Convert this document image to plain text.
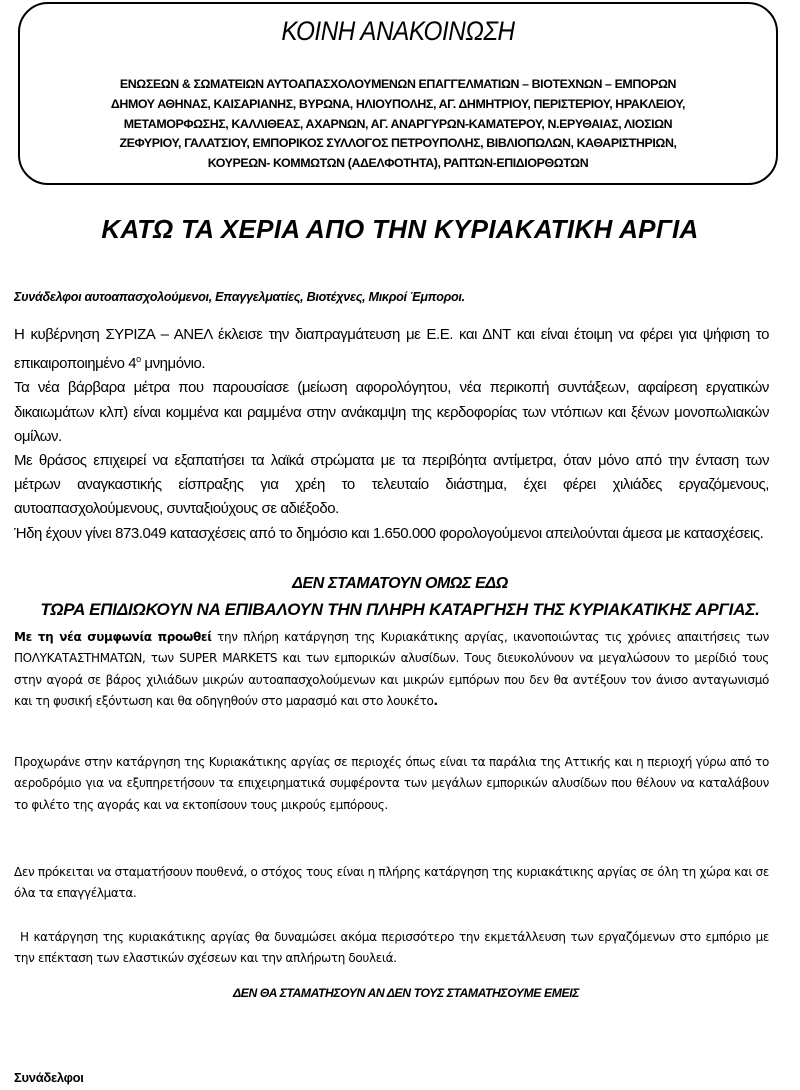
ΚΟΙΝΗ ΑΝΑΚΟΙΝΩΣΗ
ΕΝΩΣΕΩΝ & ΣΩΜΑΤΕΙΩΝ ΑΥΤΟΑΠΑΣΧΟΛΟΥΜΕΝΩΝ ΕΠΑΓΓΕΛΜΑΤΙΩΝ – ΒΙΟΤΕΧΝΩΝ – ΕΜΠΟΡΩΝ
ΔΗΜΟΥ ΑΘΗΝΑΣ, ΚΑΙΣΑΡΙΑΝΗΣ, ΒΥΡΩΝΑ, ΗΛΙΟΥΠΟΛΗΣ, ΑΓ. ΔΗΜΗΤΡΙΟΥ, ΠΕΡΙΣΤΕΡΙΟΥ, ΗΡΑΚΛΕΙΟΥ,
ΜΕΤΑΜΟΡΦΩΣΗΣ, ΚΑΛΛΙΘΕΑΣ, ΑΧΑΡΝΩΝ, ΑΓ. ΑΝΑΡΓΥΡΩΝ-ΚΑΜΑΤΕΡΟΥ, Ν.ΕΡΥΘΑΙΑΣ, ΛΙΟΣΙΩΝ
ΖΕΦΥΡΙΟΥ, ΓΑΛΑΤΣΙΟΥ, ΕΜΠΟΡΙΚΟΣ ΣΥΛΛΟΓΟΣ ΠΕΤΡΟΥΠΟΛΗΣ, ΒΙΒΛΙΟΠΩΛΩΝ, ΚΑΘΑΡΙΣΤΗΡΙΩΝ,
ΚΟΥΡΕΩΝ- ΚΟΜΜΩΤΩΝ (ΑΔΕΛΦΟΤΗΤΑ), ΡΑΠΤΩΝ-ΕΠΙΔΙΟΡΘΩΤΩΝ
ΚΑΤΩ ΤΑ ΧΕΡΙΑ ΑΠΟ ΤΗΝ ΚΥΡΙΑΚΑΤΙΚΗ ΑΡΓΙΑ
Συνάδελφοι αυτοαπασχολούμενοι, Επαγγελματίες, Βιοτέχνες, Μικροί Έμποροι.

Η κυβέρνηση ΣΥΡΙΖΑ – ΑΝΕΛ έκλεισε την διαπραγμάτευση με Ε.Ε. και ΔΝΤ και είναι έτοιμη να φέρει για ψήφιση το επικαιροποιημένο $4^o$ μνημόνιο.

Τα νέα βάρβαρα μέτρα που παρουσίασε (μείωση αφορολόγητου, νέα περικοπή συντάξεων, αφαίρεση εργατικών δικαιωμάτων κλπ) είναι κομμένα και ραμμένα στην ανάκαμψη της κερδοφορίας των ντόπιων και ξένων μονοπωλιακών ομίλων.

Με θράσος επιχειρεί να εξαπατήσει τα λαϊκά στρώματα με τα περιβόητα αντίμετρα, όταν μόνο από την ένταση των μέτρων αναγκαστικής είσπραξης για χρέη το τελευταίο διάστημα, έχει φέρει χιλιάδες εργαζόμενους, αυτοαπασχολούμενους, συνταξιούχους σε αδιέξοδο.

Ήδη έχουν γίνει 873.049 κατασχέσεις από το δημόσιο και 1.650.000 φορολογούμενοι απειλούνται άμεσα με κατασχέσεις.

ΔΕΝ ΣΤΑΜΑΤΟΥΝ ΟΜΩΣ ΕΔΩ
ΤΩΡΑ ΕΠΙΔΙΩΚΟΥΝ ΝΑ ΕΠΙΒΑΛΟΥΝ ΤΗΝ ΠΛΗΡΗ ΚΑΤΑΡΓΗΣΗ ΤΗΣ ΚΥΡΙΑΚΑΤΙΚΗΣ ΑΡΓΙΑΣ.

Με τη νέα συμφωνία προωθεί την πλήρη κατάργηση της Κυριακάτικης αργίας, ικανοποιώντας τις χρόνιες απαιτήσεις των ΠΟΛΥΚΑΤΑΣΤΗΜΑΤΩΝ, των SUPER MARKETS και των εμπορικών αλυσίδων. Τους διευκολύνουν να μεγαλώσουν το μερίδιό τους στην αγορά σε βάρος χιλιάδων μικρών αυτοαπασχολούμενων και μικρών εμπόρων που δεν θα αντέξουν τον άνισο ανταγωνισμό και τη φυσική εξόντωση και θα οδηγηθούν στο μαρασμό και στο λουκέτο.

Προχωράνε στην κατάργηση της Κυριακάτικης αργίας σε περιοχές όπως είναι τα παράλια της Αττικής και η περιοχή γύρω από το αεροδρόμιο για να εξυπηρετήσουν τα επιχειρηματικά συμφέροντα των μεγάλων εμπορικών αλυσίδων που θέλουν να καταλάβουν το φιλέτο της αγοράς και να εκτοπίσουν τους μικρούς εμπόρους.

Δεν πρόκειται να σταματήσουν πουθενά, ο στόχος τους είναι η πλήρης κατάργηση της κυριακάτικης αργίας σε όλη τη χώρα και σε όλα τα επαγγέλματα.

Η κατάργηση της κυριακάτικης αργίας θα δυναμώσει ακόμα περισσότερο την εκμετάλλευση των εργαζόμενων στο εμπόριο με την επέκταση των ελαστικών σχέσεων και την απλήρωτη δουλειά.

ΔΕΝ ΘΑ ΣΤΑΜΑΤΗΣΟΥΝ ΑΝ ΔΕΝ ΤΟΥΣ ΣΤΑΜΑΤΗΣΟΥΜΕ ΕΜΕΙΣ
Συνάδελφοι
